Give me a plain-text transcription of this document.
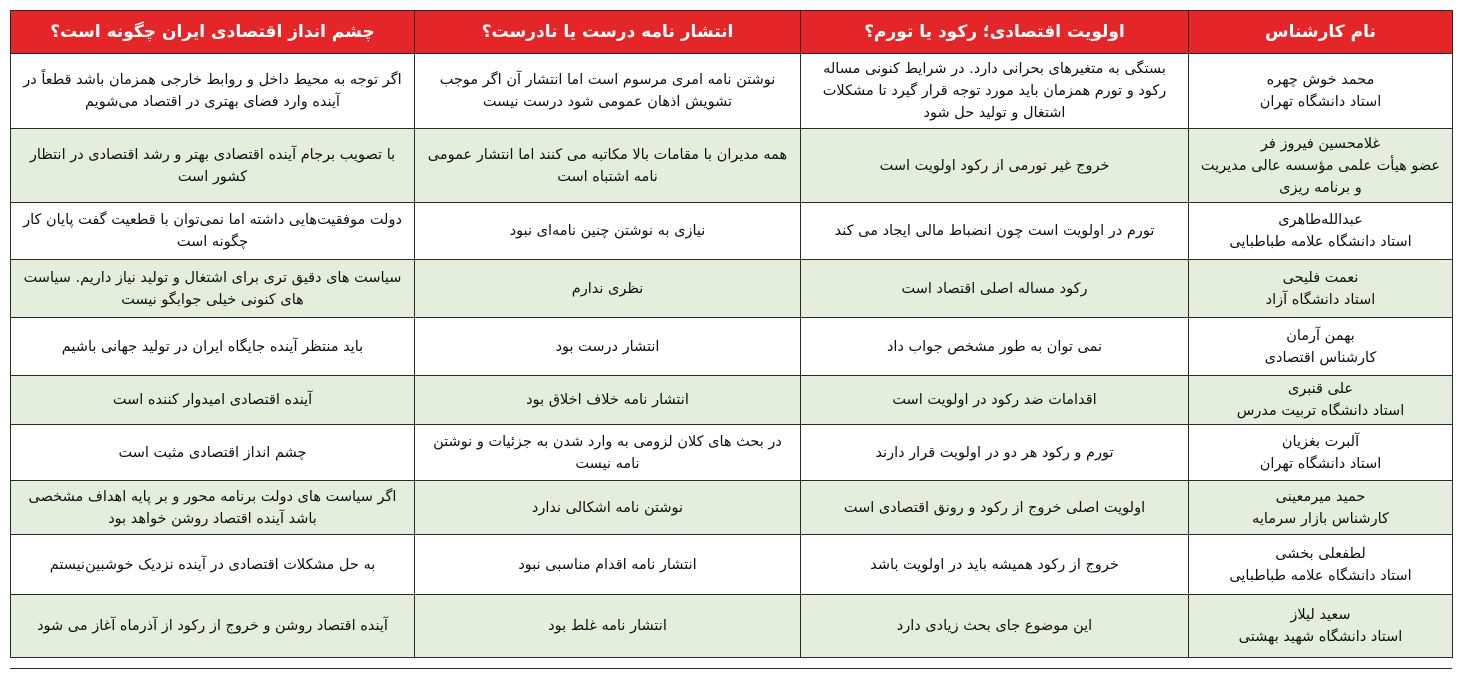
نام کارشناس	اولویت اقتصادی؛ رکود یا تورم؟	انتشار نامه درست یا نادرست؟	چشم انداز اقتصادی ایران چگونه است؟

محمد خوش چهره
استاد دانشگاه تهران	بستگی به متغیرهای بحرانی دارد. در شرایط کنونی مساله رکود و تورم همزمان باید مورد توجه قرار گیرد تا مشکلات اشتغال و تولید حل شود	نوشتن نامه امری مرسوم است اما انتشار آن اگر موجب تشویش اذهان عمومی شود درست نیست	اگر توجه به محیط داخل و روابط خارجی همزمان باشد قطعاً در آینده وارد فضای بهتری در اقتصاد می‌شویم

غلامحسین فیروز فر
عضو هیأت علمی مؤسسه عالی مدیریت و برنامه ریزی	خروج غیر تورمی از رکود اولویت است	همه مدیران با مقامات بالا مکاتبه می کنند اما انتشار عمومی نامه اشتباه است	با تصویب برجام آینده اقتصادی بهتر و رشد اقتصادی در انتظار کشور است

عبدالله‌طاهری
استاد دانشگاه علامه طباطبایی	تورم در اولویت است چون انضباط مالی ایجاد می کند	نیازی به نوشتن چنین نامه‌ای نبود	دولت موفقیت‌هایی داشته اما نمی‌توان با قطعیت گفت پایان کار چگونه است

نعمت فلیحی
استاد دانشگاه آزاد	رکود مساله اصلی اقتصاد است	نظری ندارم	سیاست های دقیق تری برای اشتغال و تولید نیاز داریم. سیاست های کنونی خیلی جوابگو نیست

بهمن آرمان
کارشناس اقتصادی	نمی توان به طور مشخص جواب داد	انتشار درست بود	باید منتظر آینده جایگاه ایران در تولید جهانی باشیم

علی قنبری
استاد دانشگاه تربیت مدرس	اقدامات ضد رکود در اولویت است	انتشار نامه خلاف اخلاق بود	آینده اقتصادی امیدوار کننده است

آلبرت بغزیان
استاد دانشگاه تهران	تورم و رکود هر دو در اولویت قرار دارند	در بحث های کلان لزومی به وارد شدن به جزئیات و نوشتن نامه نیست	چشم انداز اقتصادی مثبت است

حمید میرمعینی
کارشناس بازار سرمایه	اولویت اصلی خروج از رکود و رونق اقتصادی است	نوشتن نامه اشکالی ندارد	اگر سیاست های دولت برنامه محور و بر پایه اهداف مشخصی باشد آینده اقتصاد روشن خواهد بود

لطفعلی بخشی
استاد دانشگاه علامه طباطبایی	خروج از رکود همیشه باید در اولویت باشد	انتشار نامه اقدام مناسبی نبود	به حل مشکلات اقتصادی در آینده نزدیک خوشبین‌نیستم

سعید لیلاز
استاد دانشگاه شهید بهشتی	این موضوع جای بحث زیادی دارد	انتشار نامه غلط بود	آینده اقتصاد روشن و خروج از رکود از آذرماه آغاز می شود
